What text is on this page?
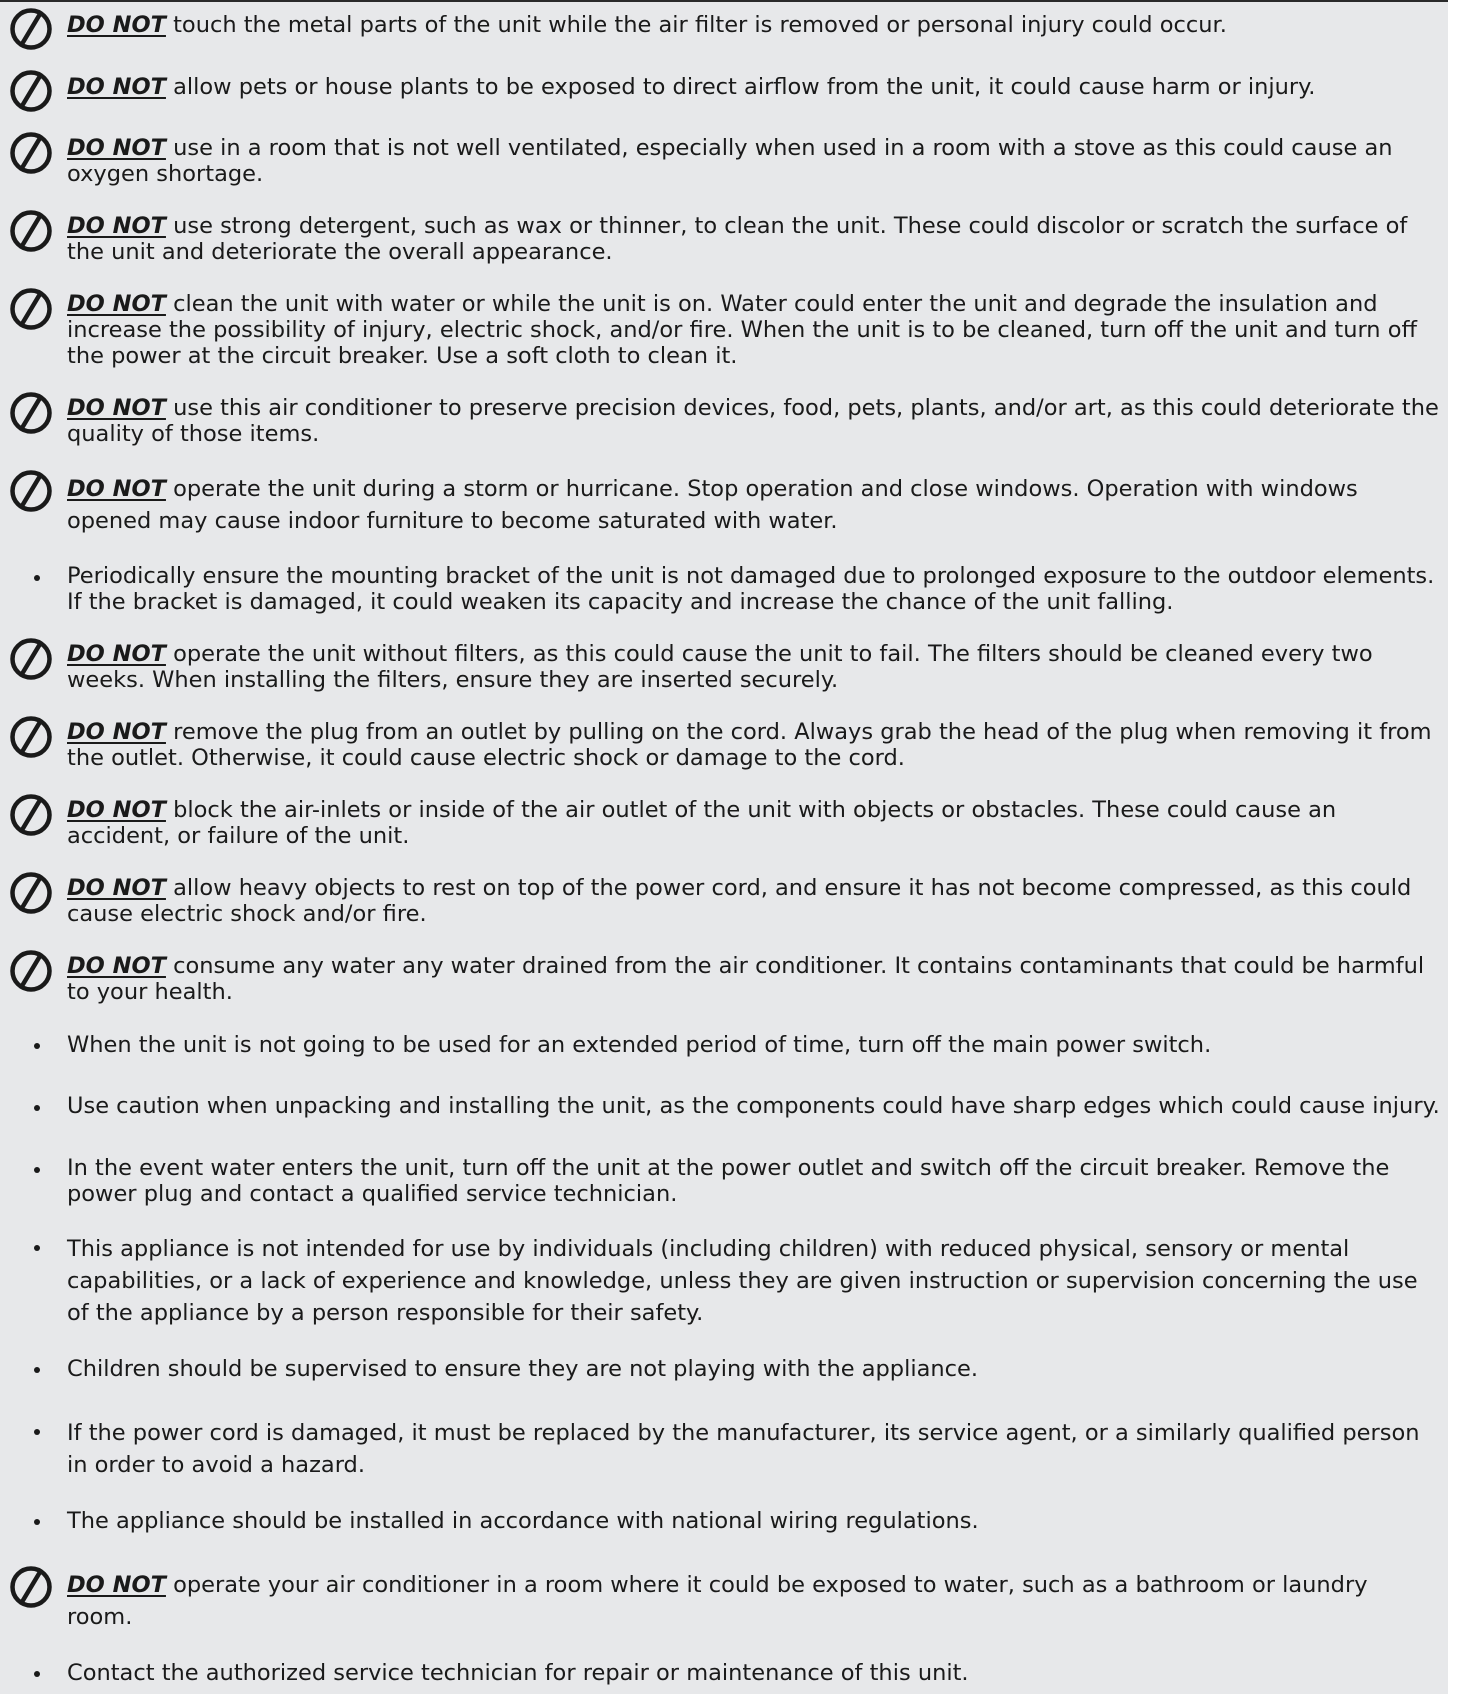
DO NOT touch the metal parts of the unit while the air filter is removed or personal injury could occur.
DO NOT allow pets or house plants to be exposed to direct airflow from the unit, it could cause harm or injury.
DO NOT use in a room that is not well ventilated, especially when used in a room with a stove as this could cause an oxygen shortage.
DO NOT use strong detergent, such as wax or thinner, to clean the unit. These could discolor or scratch the surface of the unit and deteriorate the overall appearance.
DO NOT clean the unit with water or while the unit is on. Water could enter the unit and degrade the insulation and increase the possibility of injury, electric shock, and/or fire. When the unit is to be cleaned, turn off the unit and turn off the power at the circuit breaker. Use a soft cloth to clean it.
DO NOT use this air conditioner to preserve precision devices, food, pets, plants, and/or art, as this could deteriorate the quality of those items.
DO NOT operate the unit during a storm or hurricane. Stop operation and close windows. Operation with windows opened may cause indoor furniture to become saturated with water.
Periodically ensure the mounting bracket of the unit is not damaged due to prolonged exposure to the outdoor elements. If the bracket is damaged, it could weaken its capacity and increase the chance of the unit falling.
DO NOT operate the unit without filters, as this could cause the unit to fail. The filters should be cleaned every two weeks. When installing the filters, ensure they are inserted securely.
DO NOT remove the plug from an outlet by pulling on the cord. Always grab the head of the plug when removing it from the outlet. Otherwise, it could cause electric shock or damage to the cord.
DO NOT block the air-inlets or inside of the air outlet of the unit with objects or obstacles. These could cause an accident, or failure of the unit.
DO NOT allow heavy objects to rest on top of the power cord, and ensure it has not become compressed, as this could cause electric shock and/or fire.
DO NOT consume any water any water drained from the air conditioner. It contains contaminants that could be harmful to your health.
When the unit is not going to be used for an extended period of time, turn off the main power switch.
Use caution when unpacking and installing the unit, as the components could have sharp edges which could cause injury.
In the event water enters the unit, turn off the unit at the power outlet and switch off the circuit breaker. Remove the power plug and contact a qualified service technician.
This appliance is not intended for use by individuals (including children) with reduced physical, sensory or mental capabilities, or a lack of experience and knowledge, unless they are given instruction or supervision concerning the use of the appliance by a person responsible for their safety.
Children should be supervised to ensure they are not playing with the appliance.
If the power cord is damaged, it must be replaced by the manufacturer, its service agent, or a similarly qualified person in order to avoid a hazard.
The appliance should be installed in accordance with national wiring regulations.
DO NOT operate your air conditioner in a room where it could be exposed to water, such as a bathroom or laundry room.
Contact the authorized service technician for repair or maintenance of this unit.
